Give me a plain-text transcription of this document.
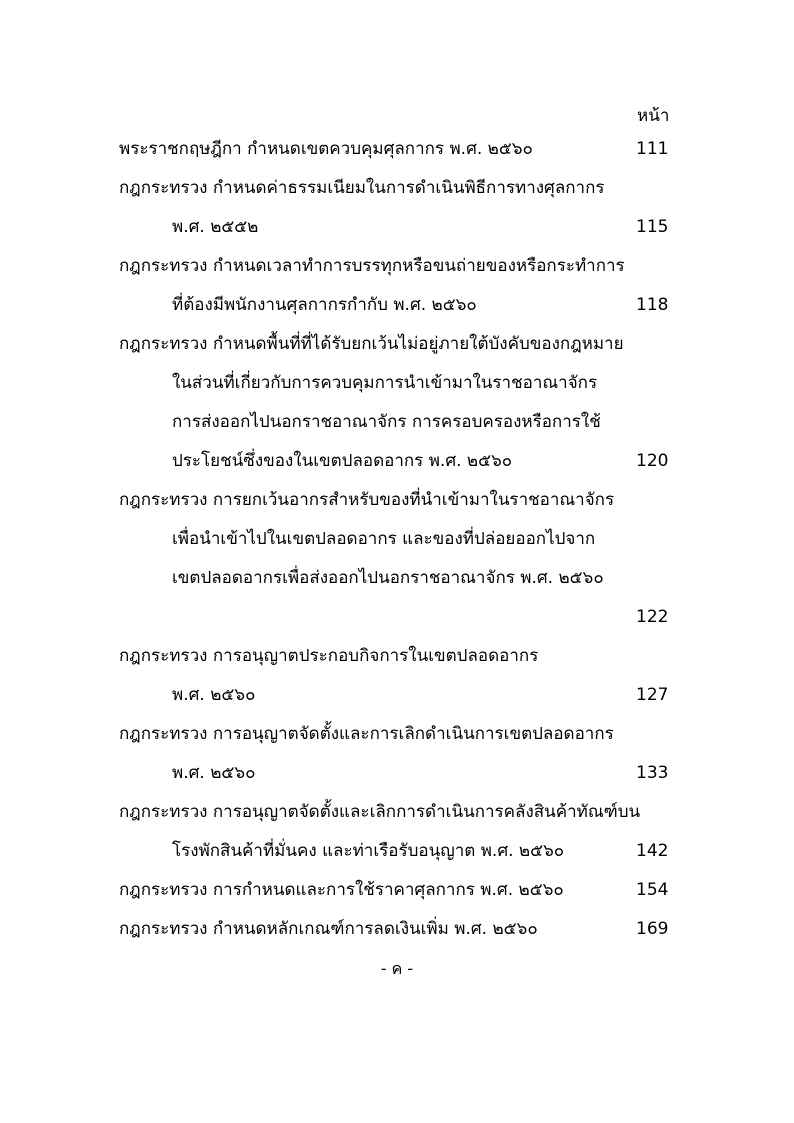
หน้า
พระราชกฤษฎีกา กำหนดเขตควบคุมศุลกากร พ.ศ. ๒๕๖๐	111
กฎกระทรวง กำหนดค่าธรรมเนียมในการดำเนินพิธีการทางศุลกากร
พ.ศ. ๒๕๕๒	115
กฎกระทรวง กำหนดเวลาทำการบรรทุกหรือขนถ่ายของหรือกระทำการ
ที่ต้องมีพนักงานศุลกากรกำกับ พ.ศ. ๒๕๖๐	118
กฎกระทรวง กำหนดพื้นที่ที่ได้รับยกเว้นไม่อยู่ภายใต้บังคับของกฎหมาย
ในส่วนที่เกี่ยวกับการควบคุมการนำเข้ามาในราชอาณาจักร
การส่งออกไปนอกราชอาณาจักร การครอบครองหรือการใช้
ประโยชน์ซึ่งของในเขตปลอดอากร พ.ศ. ๒๕๖๐	120
กฎกระทรวง การยกเว้นอากรสำหรับของที่นำเข้ามาในราชอาณาจักร
เพื่อนำเข้าไปในเขตปลอดอากร และของที่ปล่อยออกไปจาก
เขตปลอดอากรเพื่อส่งออกไปนอกราชอาณาจักร พ.ศ. ๒๕๖๐
122
กฎกระทรวง การอนุญาตประกอบกิจการในเขตปลอดอากร
พ.ศ. ๒๕๖๐	127
กฎกระทรวง การอนุญาตจัดตั้งและการเลิกดำเนินการเขตปลอดอากร
พ.ศ. ๒๕๖๐	133
กฎกระทรวง การอนุญาตจัดตั้งและเลิกการดำเนินการคลังสินค้าทัณฑ์บน
โรงพักสินค้าที่มั่นคง และท่าเรือรับอนุญาต พ.ศ. ๒๕๖๐	142
กฎกระทรวง การกำหนดและการใช้ราคาศุลกากร พ.ศ. ๒๕๖๐	154
กฎกระทรวง กำหนดหลักเกณฑ์การลดเงินเพิ่ม พ.ศ. ๒๕๖๐	169
- ค -
